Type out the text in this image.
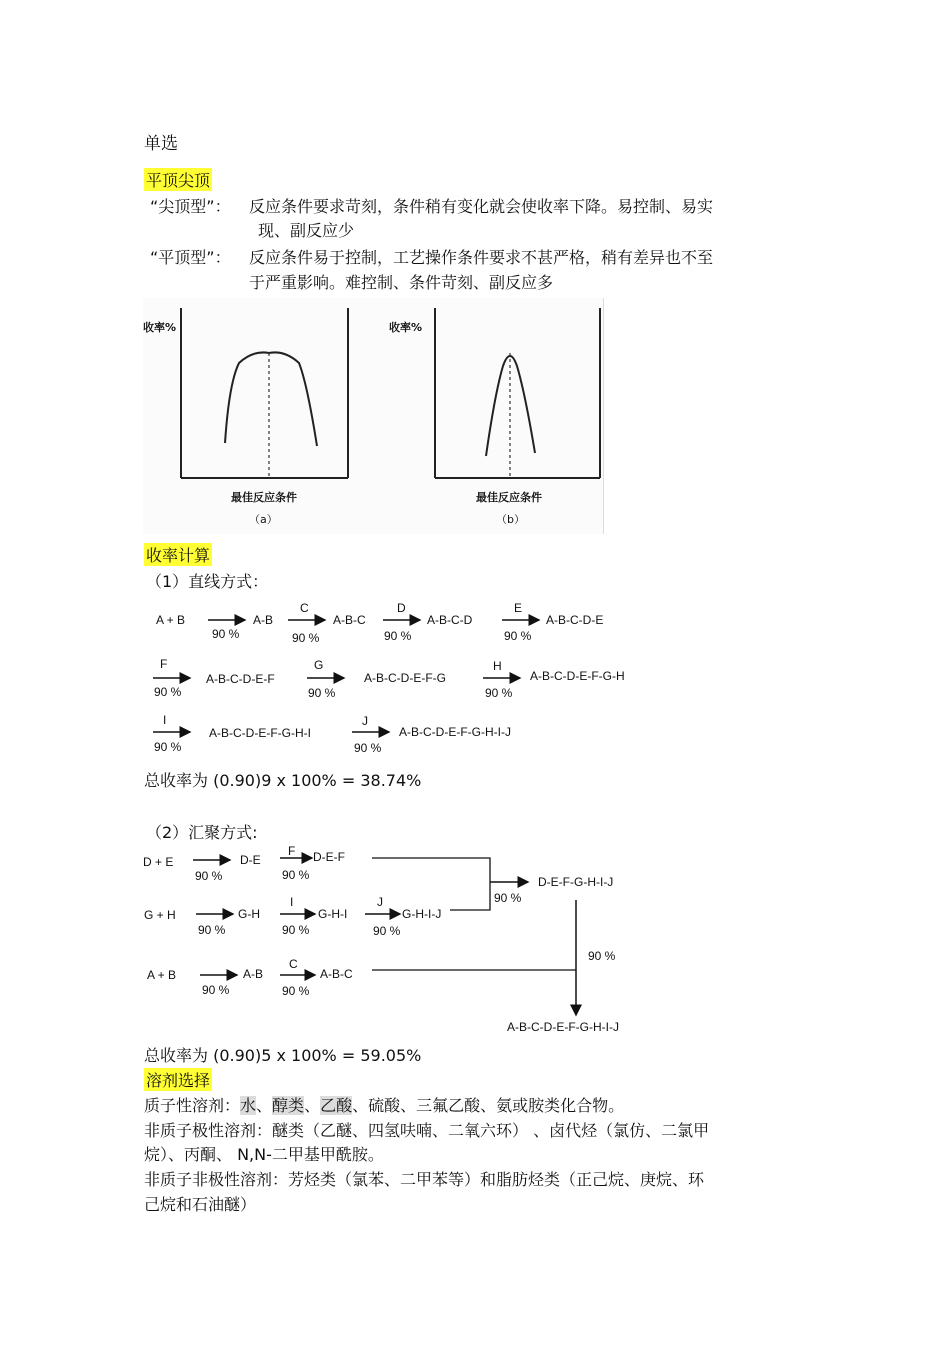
单选
平顶尖顶
“尖顶型”： 反应条件要求苛刻，条件稍有变化就会使收率下降。易控制、易实
现、副反应少
“平顶型”： 反应条件易于控制，工艺操作条件要求不甚严格，稍有差异也不至
于严重影响。难控制、条件苛刻、副反应多
收率%	收率%
最佳反应条件	最佳反应条件
（a）	（b）
收率计算
（1）直线方式：
A + B	A-B
90 %
C
A-B-C
90 %
D
A-B-C-D
90 %
E
A-B-C-D-E
90 %
F
90 %
A-B-C-D-E-F
G
90 %
A-B-C-D-E-F-G
H
90 %
A-B-C-D-E-F-G-H
I
90 %
A-B-C-D-E-F-G-H-I
J
90 %
A-B-C-D-E-F-G-H-I-J
总收率为 (0.90)9 x 100% = 38.74%
（2）汇聚方式:
D + E	D-E
90 %
F D-E-F
90 %
G + H	G-H
90 %
I
G-H-I
90 %
J
G-H-I-J
90 %
A + B	A-B
90 %
C
A-B-C
90 %
D-E-F-G-H-I-J
90 %
90 %
A-B-C-D-E-F-G-H-I-J
总收率为 (0.90)5 x 100% = 59.05%
溶剂选择
质子性溶剂：水、醇类、乙酸、硫酸、三氟乙酸、氨或胺类化合物。
非质子极性溶剂：醚类（乙醚、四氢呋喃、二氧六环） 、卤代烃（氯仿、二氯甲
烷）、丙酮、 N,N-二甲基甲酰胺。
非质子非极性溶剂：芳烃类（氯苯、二甲苯等）和脂肪烃类（正己烷、庚烷、环
己烷和石油醚）
